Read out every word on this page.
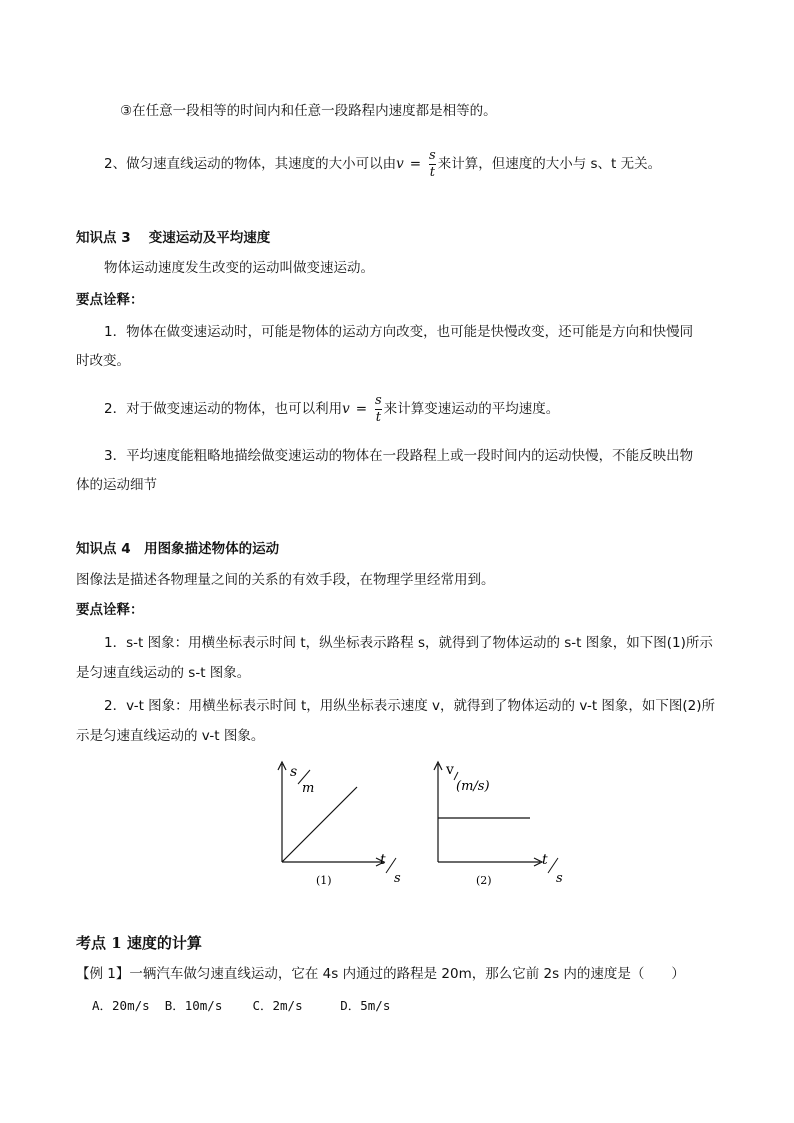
③在任意一段相等的时间内和任意一段路程内速度都是相等的。
2、做匀速直线运动的物体，其速度的大小可以由$v = \frac{s}{t}$ 来计算，但速度的大小与 s、t 无关。
知识点 3　 变速运动及平均速度
物体运动速度发生改变的运动叫做变速运动。
要点诠释：
1．物体在做变速运动时，可能是物体的运动方向改变，也可能是快慢改变，还可能是方向和快慢同
时改变。
2．对于做变速运动的物体，也可以利用$v = \frac{s}{t}$ 来计算变速运动的平均速度。
3．平均速度能粗略地描绘做变速运动的物体在一段路程上或一段时间内的运动快慢，不能反映出物
体的运动细节
知识点 4　用图象描述物体的运动
图像法是描述各物理量之间的关系的有效手段，在物理学里经常用到。
要点诠释：
1．s-t 图象：用横坐标表示时间 t，纵坐标表示路程 s，就得到了物体运动的 s-t 图象，如下图(1)所示
是匀速直线运动的 s-t 图象。
2．v-t 图象：用横坐标表示时间 t，用纵坐标表示速度 v，就得到了物体运动的 v-t 图象，如下图(2)所
示是匀速直线运动的 v-t 图象。
s
m
t
s
(1)
v
(m/s)
t
s
(2)
考点 1 速度的计算
【例 1】一辆汽车做匀速直线运动，它在 4s 内通过的路程是 20m，那么它前 2s 内的速度是（　　）
A．20m/s  B．10m/s    C．2m/s     D．5m/s
